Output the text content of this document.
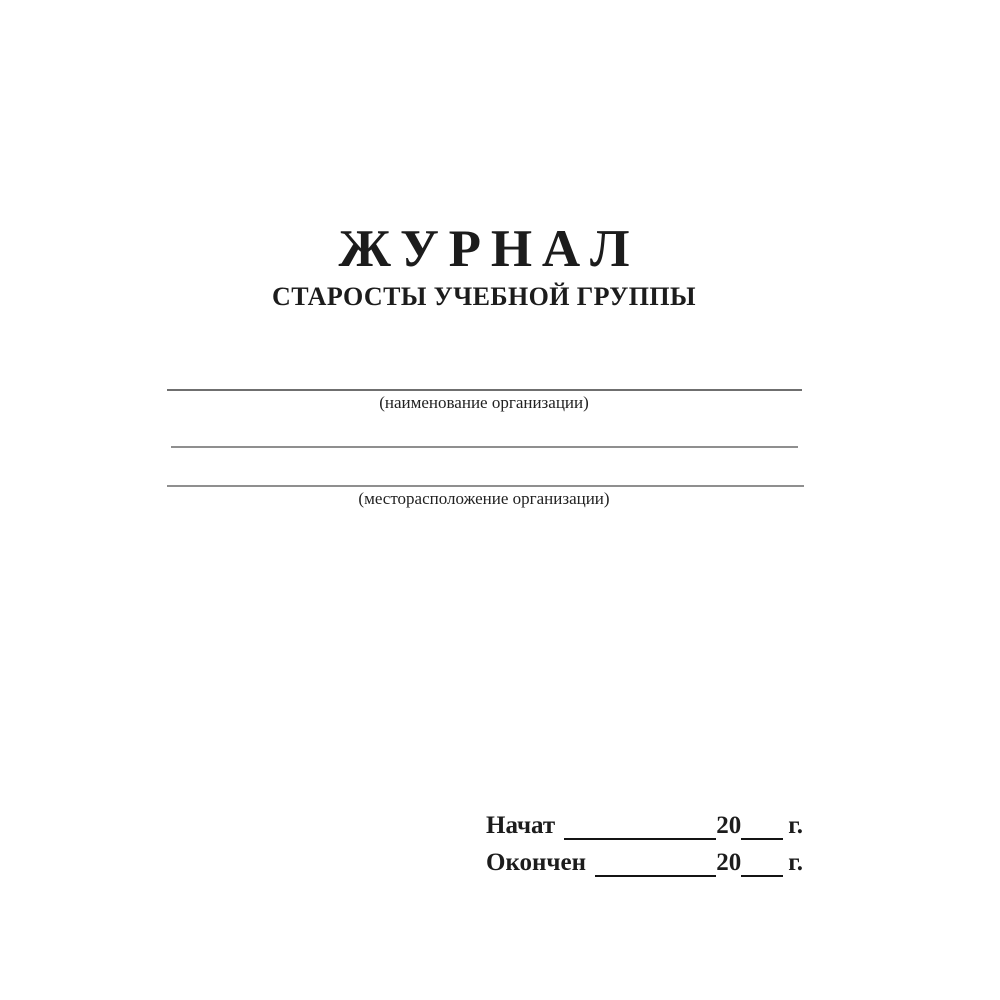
ЖУРНАЛ
СТАРОСТЫ УЧЕБНОЙ ГРУППЫ
(наименование организации)
(месторасположение организации)
Начат	20 г.
Окончен	20 г.
